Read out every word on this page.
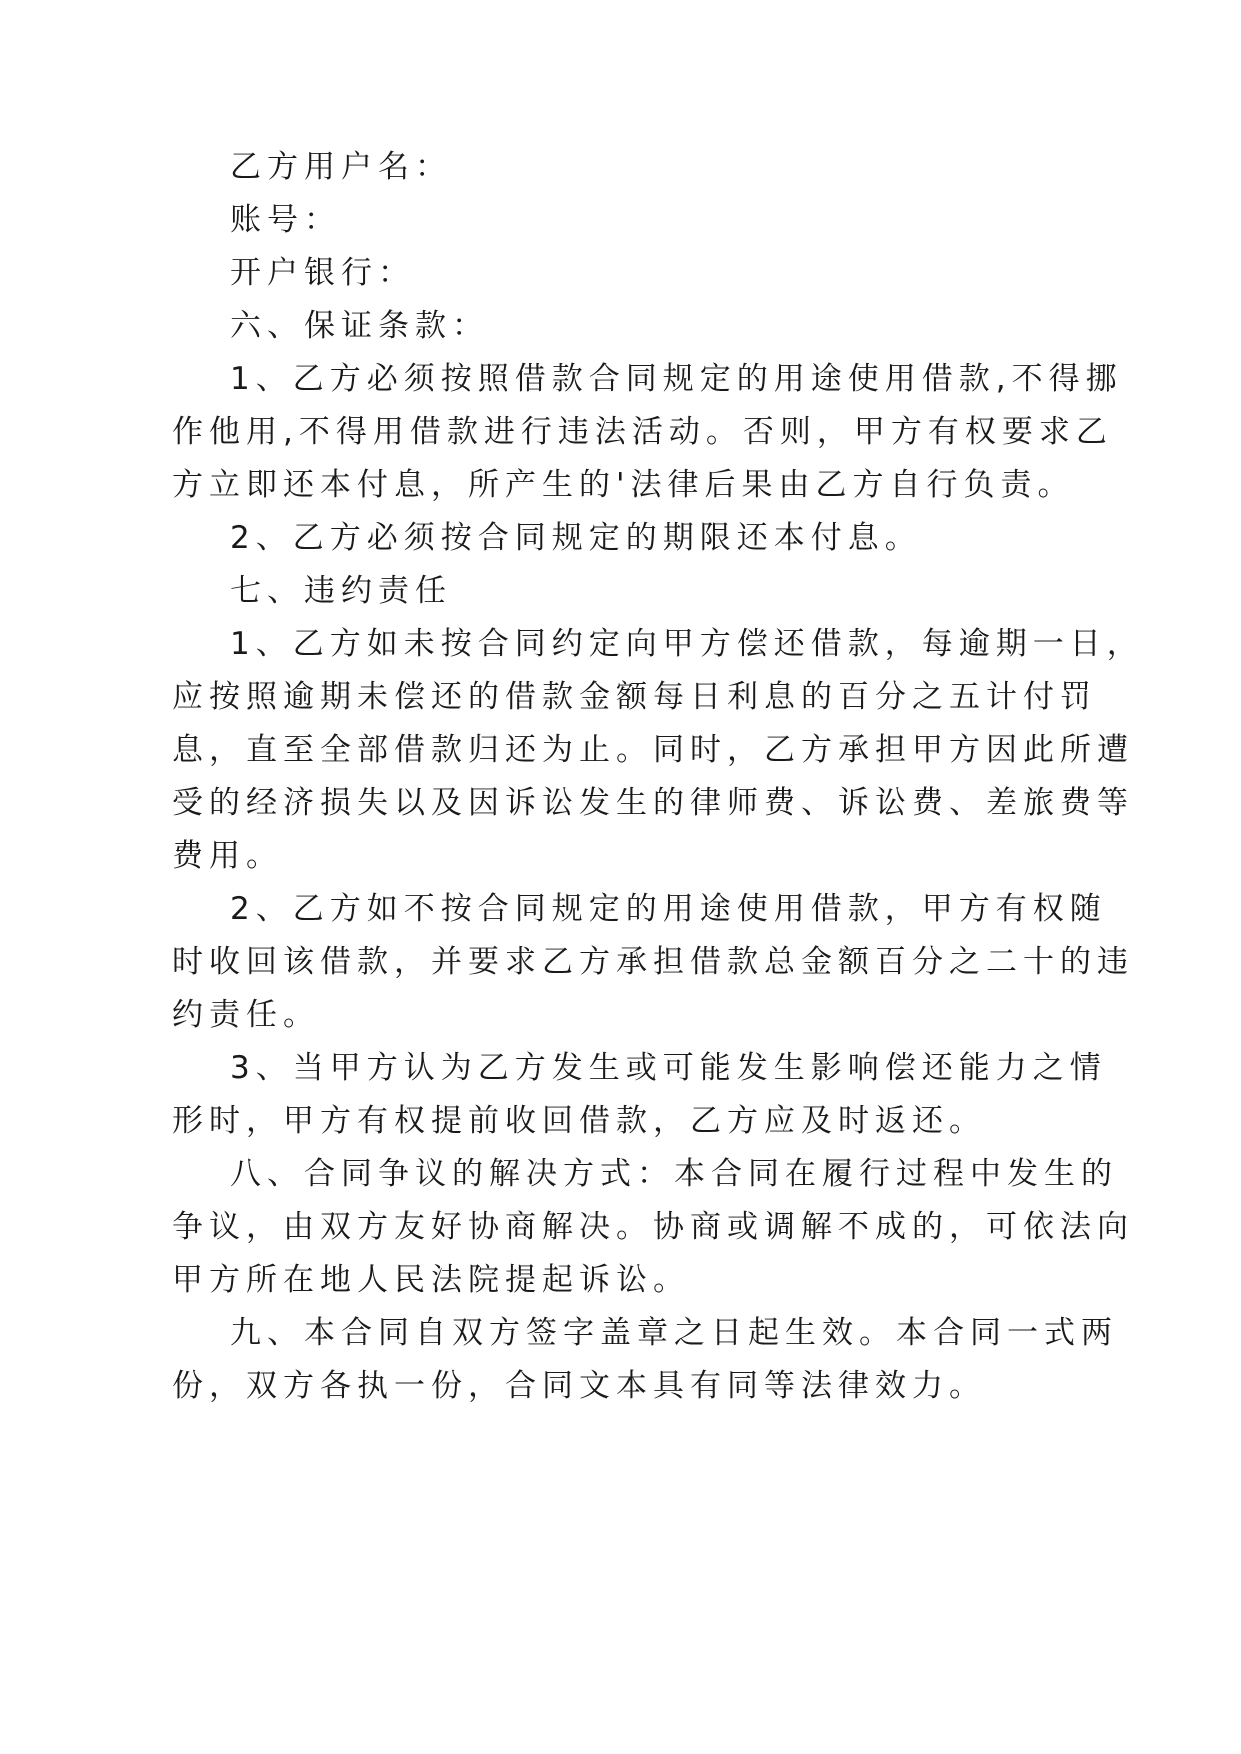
乙方用户名：

账号：

开户银行：

六、保证条款：

1、乙方必须按照借款合同规定的用途使用借款,不得挪

作他用,不得用借款进行违法活动。否则，甲方有权要求乙

方立即还本付息，所产生的'法律后果由乙方自行负责。

2、乙方必须按合同规定的期限还本付息。

七、违约责任

1、乙方如未按合同约定向甲方偿还借款，每逾期一日，

应按照逾期未偿还的借款金额每日利息的百分之五计付罚

息，直至全部借款归还为止。同时，乙方承担甲方因此所遭

受的经济损失以及因诉讼发生的律师费、诉讼费、差旅费等

费用。

2、乙方如不按合同规定的用途使用借款，甲方有权随

时收回该借款，并要求乙方承担借款总金额百分之二十的违

约责任。

3、当甲方认为乙方发生或可能发生影响偿还能力之情

形时，甲方有权提前收回借款，乙方应及时返还。

八、合同争议的解决方式：本合同在履行过程中发生的

争议，由双方友好协商解决。协商或调解不成的，可依法向

甲方所在地人民法院提起诉讼。

九、本合同自双方签字盖章之日起生效。本合同一式两

份，双方各执一份，合同文本具有同等法律效力。
